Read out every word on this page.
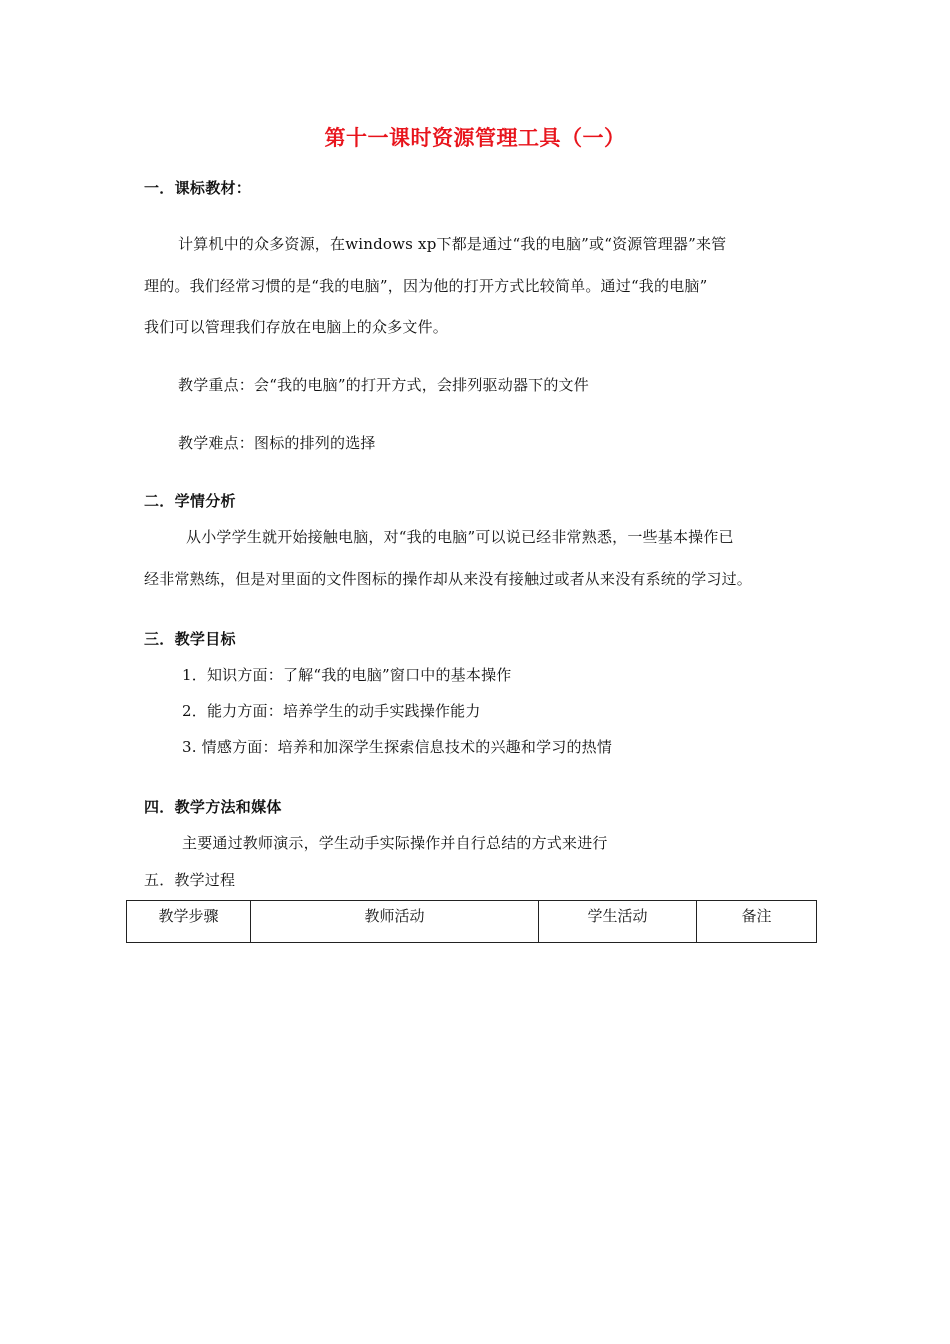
第十一课时资源管理工具（一）
一．课标教材：
计算机中的众多资源，在windows xp下都是通过“我的电脑”或“资源管理器”来管
理的。我们经常习惯的是“我的电脑”，因为他的打开方式比较简单。通过“我的电脑”
我们可以管理我们存放在电脑上的众多文件。
教学重点：会“我的电脑”的打开方式，会排列驱动器下的文件
教学难点：图标的排列的选择
二．学情分析
从小学学生就开始接触电脑，对“我的电脑”可以说已经非常熟悉，一些基本操作已
经非常熟练，但是对里面的文件图标的操作却从来没有接触过或者从来没有系统的学习过。
三．教学目标
1．知识方面：了解“我的电脑”窗口中的基本操作
2．能力方面：培养学生的动手实践操作能力
3. 情感方面：培养和加深学生探索信息技术的兴趣和学习的热情
四．教学方法和媒体
主要通过教师演示，学生动手实际操作并自行总结的方式来进行
五．教学过程
教学步骤	教师活动	学生活动	备注
